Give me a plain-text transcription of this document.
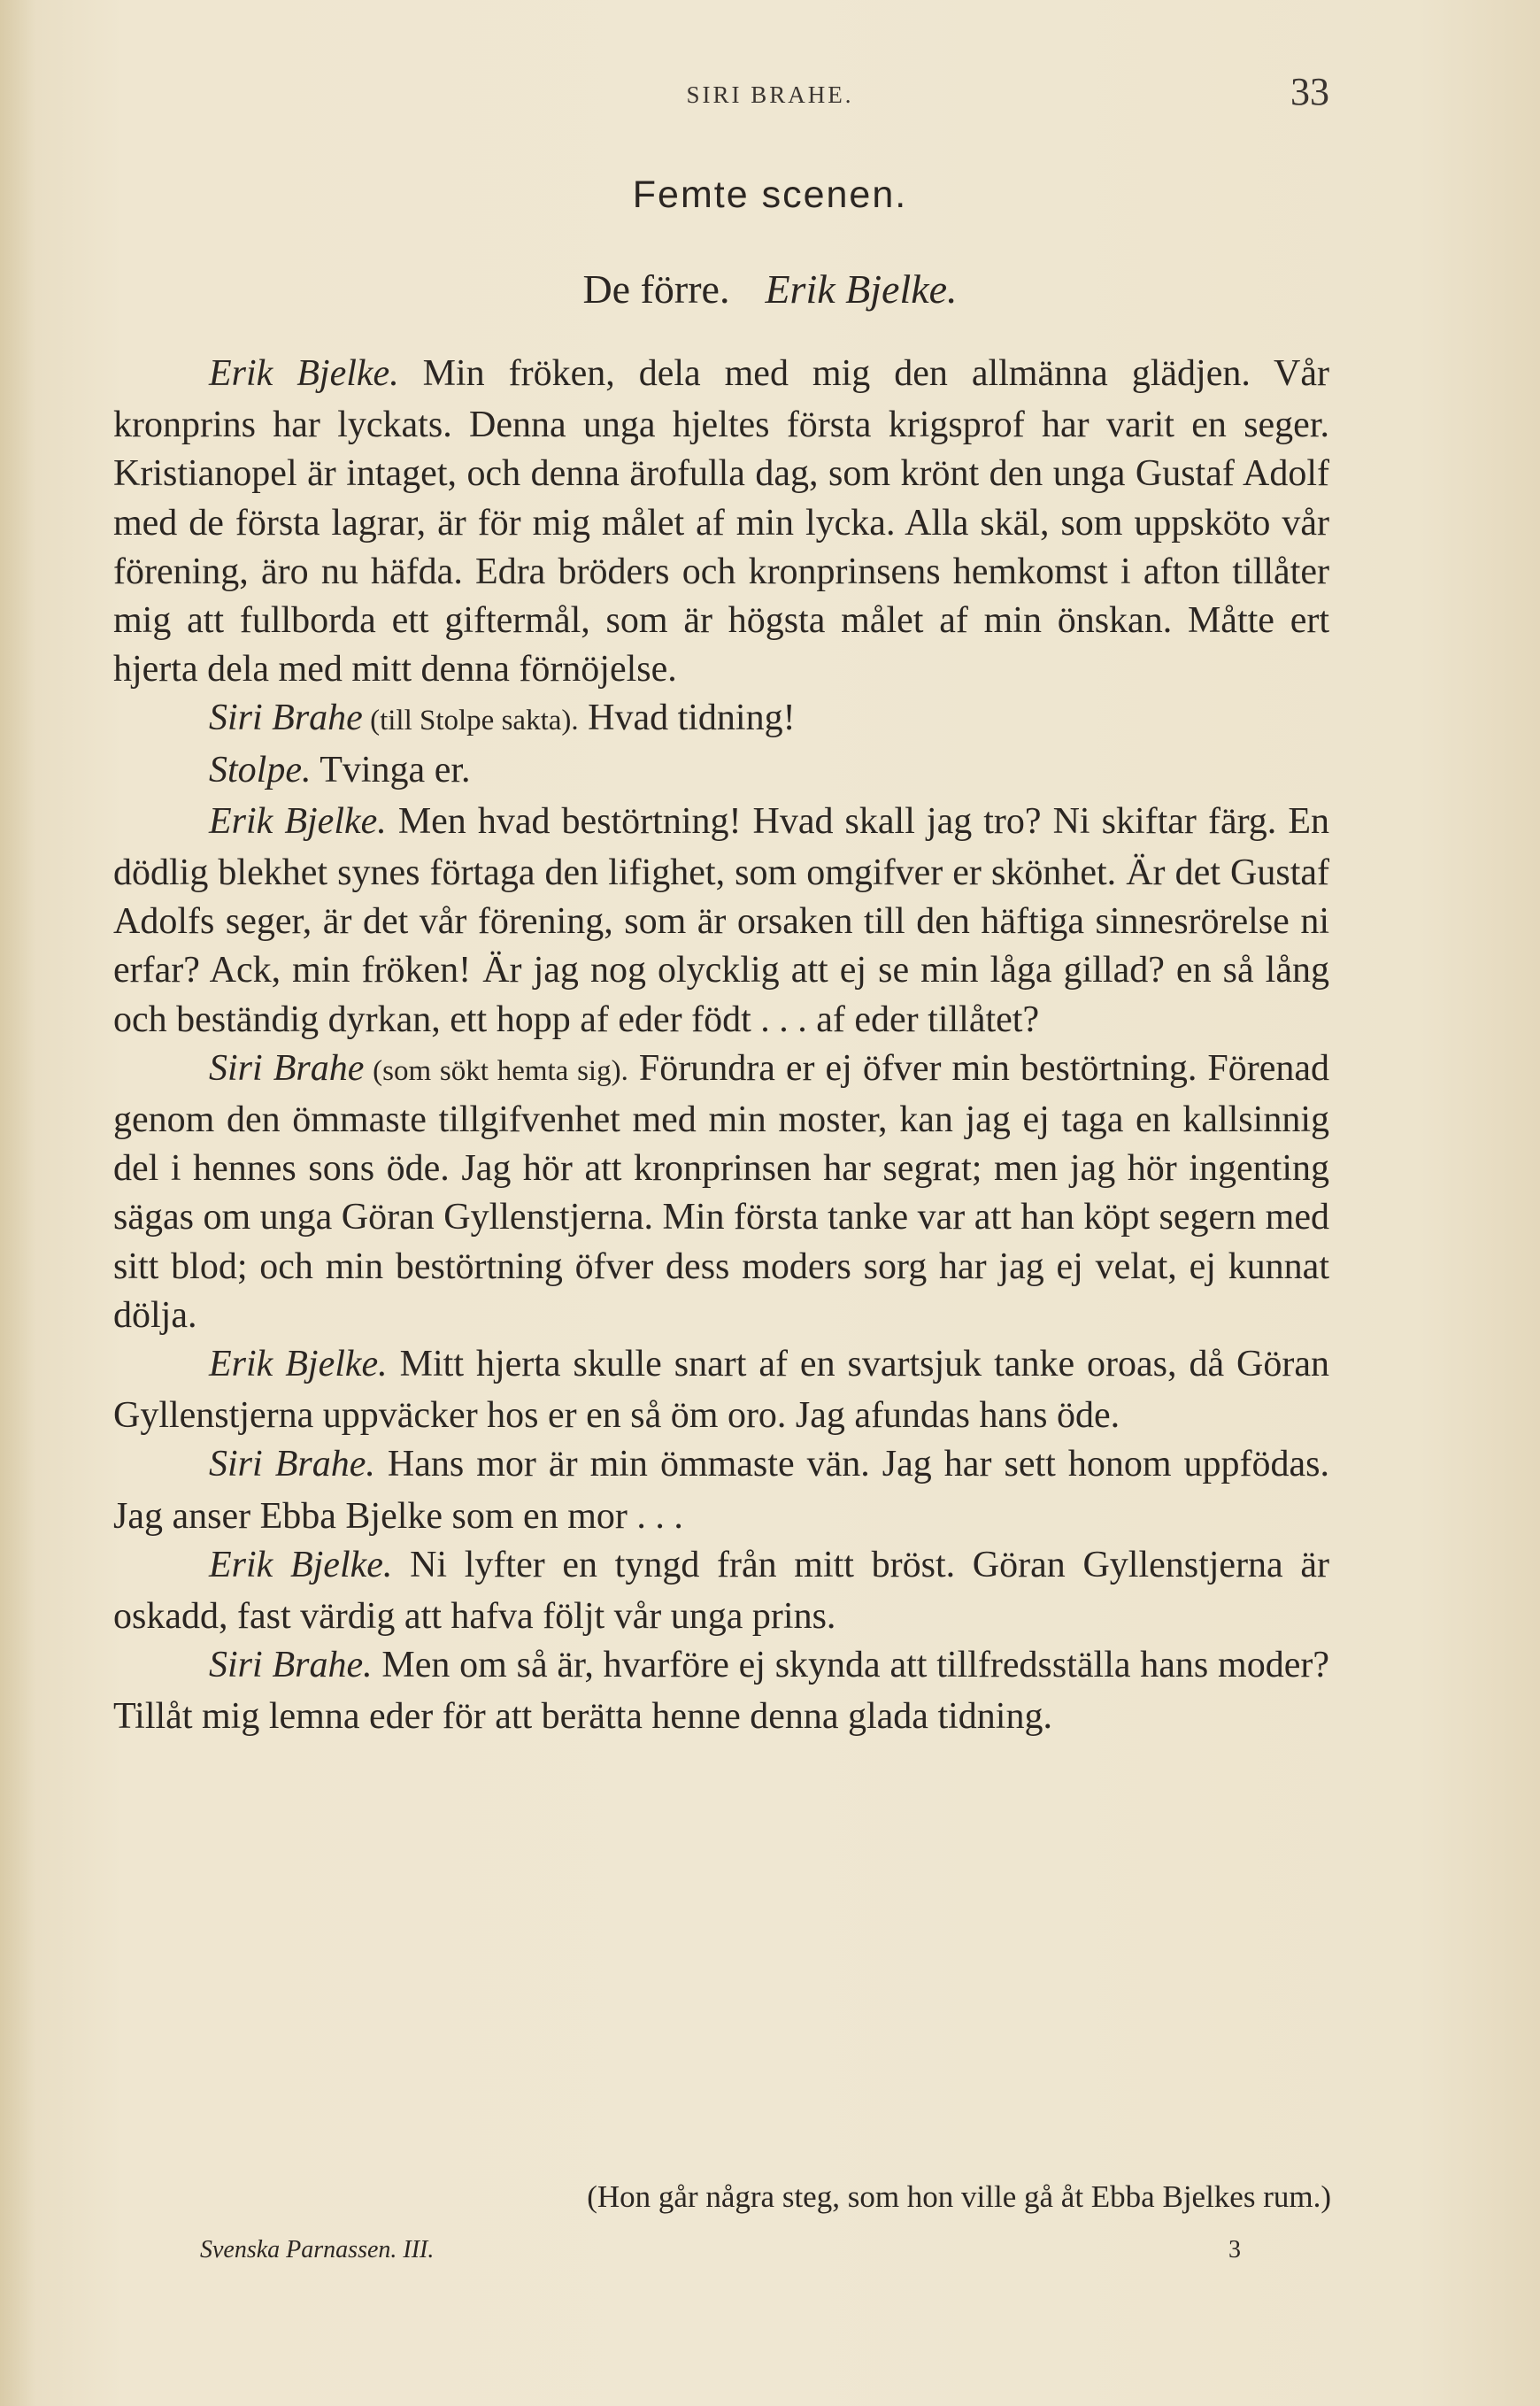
SIRI BRAHE.	33
Femte scenen.
De förre. Erik Bjelke.

Erik Bjelke. Min fröken, dela med mig den allmänna glädjen. Vår kronprins har lyckats. Denna unga hjeltes första krigsprof har varit en seger. Kristianopel är intaget, och denna ärofulla dag, som krönt den unga Gustaf Adolf med de första lagrar, är för mig målet af min lycka. Alla skäl, som uppsköto vår förening, äro nu häfda. Edra bröders och kronprinsens hemkomst i afton tillåter mig att fullborda ett giftermål, som är högsta målet af min önskan. Måtte ert hjerta dela med mitt denna förnöjelse.

Siri Brahe (till Stolpe sakta). Hvad tidning!

Stolpe. Tvinga er.

Erik Bjelke. Men hvad bestörtning! Hvad skall jag tro? Ni skiftar färg. En dödlig blekhet synes förtaga den lifighet, som omgifver er skönhet. Är det Gustaf Adolfs seger, är det vår förening, som är orsaken till den häftiga sinnesrörelse ni erfar? Ack, min fröken! Är jag nog olycklig att ej se min låga gillad? en så lång och beständig dyrkan, ett hopp af eder födt . . . af eder tillåtet?

Siri Brahe (som sökt hemta sig). Förundra er ej öfver min bestörtning. Förenad genom den ömmaste tillgifvenhet med min moster, kan jag ej taga en kallsinnig del i hennes sons öde. Jag hör att kronprinsen har segrat; men jag hör ingenting sägas om unga Göran Gyllenstjerna. Min första tanke var att han köpt segern med sitt blod; och min bestörtning öfver dess moders sorg har jag ej velat, ej kunnat dölja.

Erik Bjelke. Mitt hjerta skulle snart af en svartsjuk tanke oroas, då Göran Gyllenstjerna uppväcker hos er en så öm oro. Jag afundas hans öde.

Siri Brahe. Hans mor är min ömmaste vän. Jag har sett honom uppfödas. Jag anser Ebba Bjelke som en mor . . .

Erik Bjelke. Ni lyfter en tyngd från mitt bröst. Göran Gyllenstjerna är oskadd, fast värdig att hafva följt vår unga prins.

Siri Brahe. Men om så är, hvarföre ej skynda att tillfredsställa hans moder? Tillåt mig lemna eder för att berätta henne denna glada tidning.

(Hon går några steg, som hon ville gå åt Ebba Bjelkes rum.)
Svenska Parnassen. III.	3
